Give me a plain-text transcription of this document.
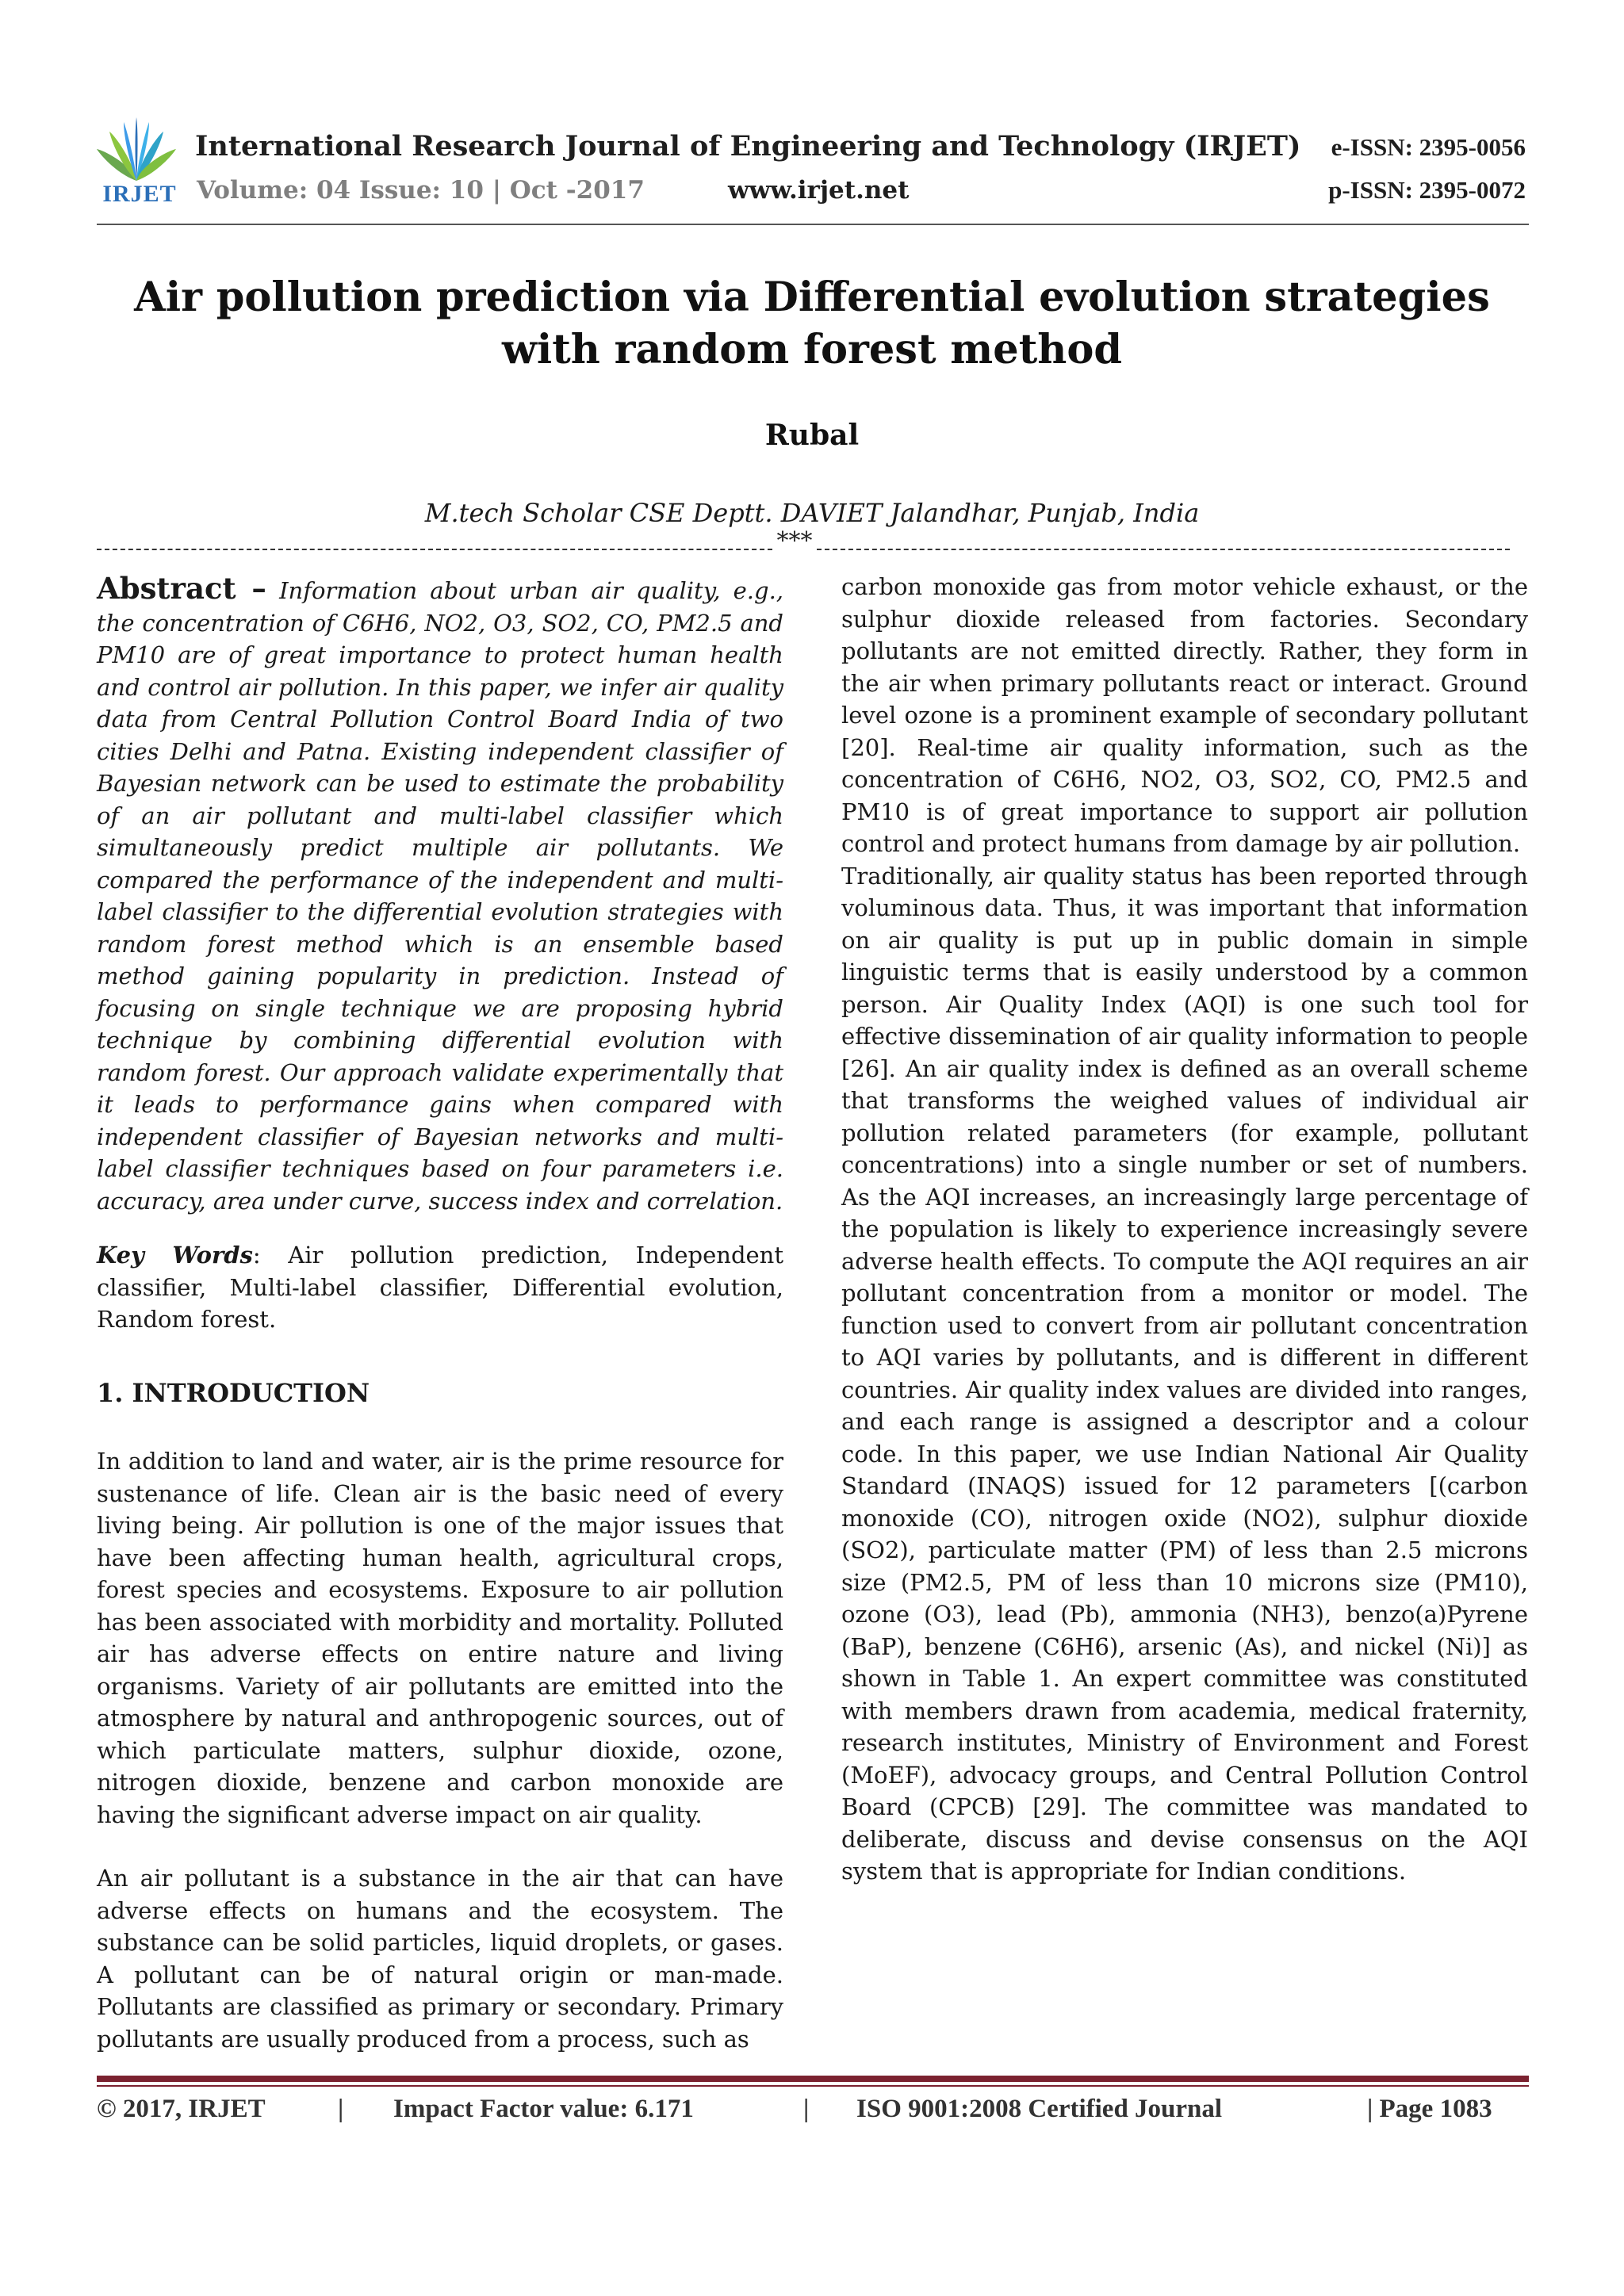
IRJET
International Research Journal of Engineering and Technology (IRJET)

Volume: 04 Issue: 10 | Oct -2017	www.irjet.net

e-ISSN: 2395-0056

p-ISSN: 2395-0072

Air pollution prediction via Differential evolution strategies with random forest method

Rubal

M.tech Scholar CSE Deptt. DAVIET Jalandhar, Punjab, India

***

Abstract – Information about urban air quality, e.g., the concentration of C6H6, NO2, O3, SO2, CO, PM2.5 and PM10 are of great importance to protect human health and control air pollution. In this paper, we infer air quality data from Central Pollution Control Board India of two cities Delhi and Patna. Existing independent classifier of Bayesian network can be used to estimate the probability of an air pollutant and multi-label classifier which simultaneously predict multiple air pollutants. We compared the performance of the independent and multi-label classifier to the differential evolution strategies with random forest method which is an ensemble based method gaining popularity in prediction. Instead of focusing on single technique we are proposing hybrid technique by combining differential evolution with random forest. Our approach validate experimentally that it leads to performance gains when compared with independent classifier of Bayesian networks and multi-label classifier techniques based on four parameters i.e. accuracy, area under curve, success index and correlation.

Key Words: Air pollution prediction, Independent classifier, Multi-label classifier, Differential evolution, Random forest.

1. INTRODUCTION

In addition to land and water, air is the prime resource for sustenance of life. Clean air is the basic need of every living being. Air pollution is one of the major issues that have been affecting human health, agricultural crops, forest species and ecosystems. Exposure to air pollution has been associated with morbidity and mortality. Polluted air has adverse effects on entire nature and living organisms. Variety of air pollutants are emitted into the atmosphere by natural and anthropogenic sources, out of which particulate matters, sulphur dioxide, ozone, nitrogen dioxide, benzene and carbon monoxide are having the significant adverse impact on air quality.

An air pollutant is a substance in the air that can have adverse effects on humans and the ecosystem. The substance can be solid particles, liquid droplets, or gases. A pollutant can be of natural origin or man-made. Pollutants are classified as primary or secondary. Primary pollutants are usually produced from a process, such as

carbon monoxide gas from motor vehicle exhaust, or the sulphur dioxide released from factories. Secondary pollutants are not emitted directly. Rather, they form in the air when primary pollutants react or interact. Ground level ozone is a prominent example of secondary pollutant [20]. Real-time air quality information, such as the concentration of C6H6, NO2, O3, SO2, CO, PM2.5 and PM10 is of great importance to support air pollution control and protect humans from damage by air pollution.

Traditionally, air quality status has been reported through voluminous data. Thus, it was important that information on air quality is put up in public domain in simple linguistic terms that is easily understood by a common person. Air Quality Index (AQI) is one such tool for effective dissemination of air quality information to people [26]. An air quality index is defined as an overall scheme that transforms the weighed values of individual air pollution related parameters (for example, pollutant concentrations) into a single number or set of numbers. As the AQI increases, an increasingly large percentage of the population is likely to experience increasingly severe adverse health effects. To compute the AQI requires an air pollutant concentration from a monitor or model. The function used to convert from air pollutant concentration to AQI varies by pollutants, and is different in different countries. Air quality index values are divided into ranges, and each range is assigned a descriptor and a colour code. In this paper, we use Indian National Air Quality Standard (INAQS) issued for 12 parameters [(carbon monoxide (CO), nitrogen oxide (NO2), sulphur dioxide (SO2), particulate matter (PM) of less than 2.5 microns size (PM2.5, PM of less than 10 microns size (PM10), ozone (O3), lead (Pb), ammonia (NH3), benzo(a)Pyrene (BaP), benzene (C6H6), arsenic (As), and nickel (Ni)] as shown in Table 1. An expert committee was constituted with members drawn from academia, medical fraternity, research institutes, Ministry of Environment and Forest (MoEF), advocacy groups, and Central Pollution Control Board (CPCB) [29]. The committee was mandated to deliberate, discuss and devise consensus on the AQI system that is appropriate for Indian conditions.

© 2017, IRJET	| Impact Factor value: 6.171	| ISO 9001:2008 Certified Journal	| Page 1083
